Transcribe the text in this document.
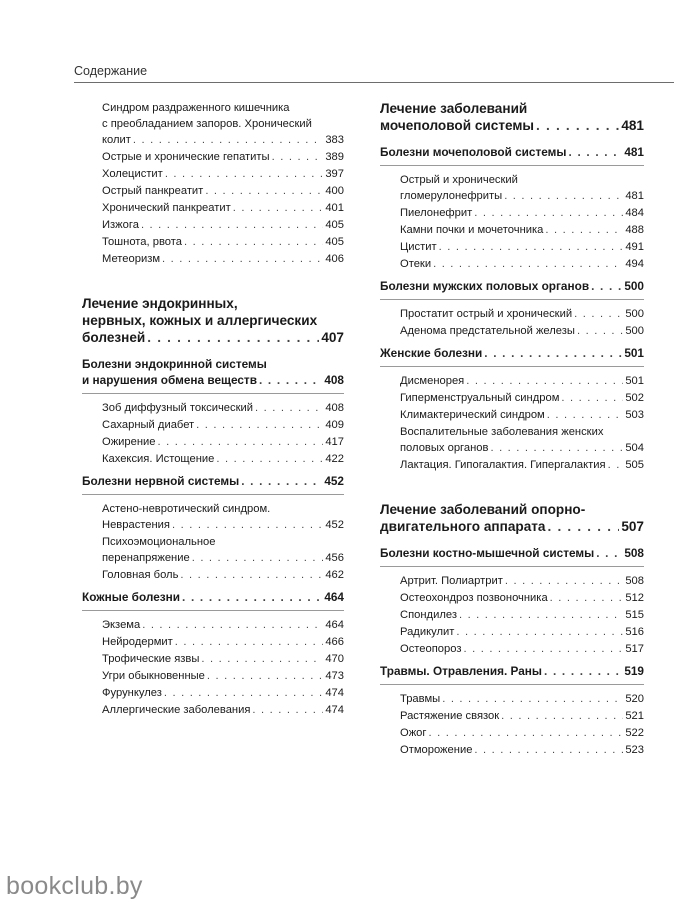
Содержание
Синдром раздраженного кишечника
с преобладанием запоров. Хронический
колит . . .	383
Острые и хронические гепатиты . . .	389
Холецистит . . .	397
Острый панкреатит . . .	400
Хронический панкреатит . . .	401
Изжога . . .	405
Тошнота, рвота . . .	405
Метеоризм . . .	406
Лечение эндокринных,
нервных, кожных и аллергических
болезней . . .	407
Болезни эндокринной системы
и нарушения обмена веществ . . .	408
Зоб диффузный токсический . . .	408
Сахарный диабет . . .	409
Ожирение . . .	417
Кахексия. Истощение . . .	422
Болезни нервной системы . . .	452
Астено-невротический синдром.
Неврастения . . .	452
Психоэмоциональное
перенапряжение . . .	456
Головная боль . . .	462
Кожные болезни . . .	464
Экзема . . .	464
Нейродермит . . .	466
Трофические язвы . . .	470
Угри обыкновенные . . .	473
Фурункулез . . .	474
Аллергические заболевания . . .	474
Лечение заболеваний
мочеполовой системы . . .	481
Болезни мочеполовой системы . . .	481
Острый и хронический
гломерулонефриты . . .	481
Пиелонефрит . . .	484
Камни почки и мочеточника . . .	488
Цистит . . .	491
Отеки . . .	494
Болезни мужских половых органов . . .	500
Простатит острый и хронический . . .	500
Аденома предстательной железы . . .	500
Женские болезни . . .	501
Дисменорея . . .	501
Гиперменструальный синдром . . .	502
Климактерический синдром . . .	503
Воспалительные заболевания женских
половых органов . . .	504
Лактация. Гипогалактия. Гипергалактия . . . 505
Лечение заболеваний опорно-
двигательного аппарата . . .	507
Болезни костно-мышечной системы . . .	508
Артрит. Полиартрит . . .	508
Остеохондроз позвоночника . . .	512
Спондилез . . .	515
Радикулит . . .	516
Остеопороз . . .	517
Травмы. Отравления. Раны . . .	519
Травмы . . .	520
Растяжение связок . . .	521
Ожог . . .	522
Отморожение . . .	523
bookclub.by
